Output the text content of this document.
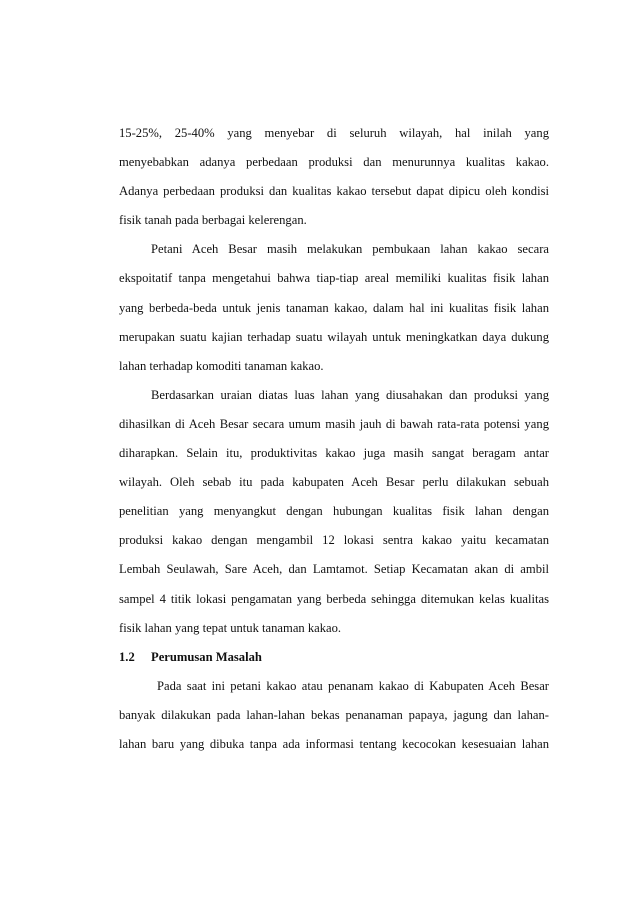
15-25%, 25-40% yang menyebar di seluruh wilayah, hal inilah yang
menyebabkan adanya perbedaan produksi dan menurunnya kualitas kakao.
Adanya perbedaan produksi dan kualitas kakao tersebut dapat dipicu oleh kondisi
fisik tanah pada berbagai kelerengan.
Petani Aceh Besar masih melakukan pembukaan lahan kakao secara
ekspoitatif tanpa mengetahui bahwa tiap-tiap areal memiliki kualitas fisik lahan
yang berbeda-beda untuk jenis tanaman kakao, dalam hal ini kualitas fisik lahan
merupakan suatu kajian terhadap suatu wilayah untuk meningkatkan daya dukung
lahan terhadap komoditi tanaman kakao.
Berdasarkan uraian diatas luas lahan yang diusahakan dan produksi yang
dihasilkan di Aceh Besar secara umum masih jauh di bawah rata-rata potensi yang
diharapkan. Selain itu, produktivitas kakao juga masih sangat beragam antar
wilayah. Oleh sebab itu pada kabupaten Aceh Besar perlu dilakukan sebuah
penelitian yang menyangkut dengan hubungan kualitas fisik lahan dengan
produksi kakao dengan mengambil 12 lokasi sentra kakao yaitu kecamatan
Lembah Seulawah, Sare Aceh, dan Lamtamot. Setiap Kecamatan akan di ambil
sampel 4 titik lokasi pengamatan yang berbeda sehingga ditemukan kelas kualitas
fisik lahan yang tepat untuk tanaman kakao.
1.2	Perumusan Masalah
Pada saat ini petani kakao atau penanam kakao di Kabupaten Aceh Besar
banyak dilakukan pada lahan-lahan bekas penanaman papaya, jagung dan lahan-
lahan baru yang dibuka tanpa ada informasi tentang kecocokan kesesuaian lahan
